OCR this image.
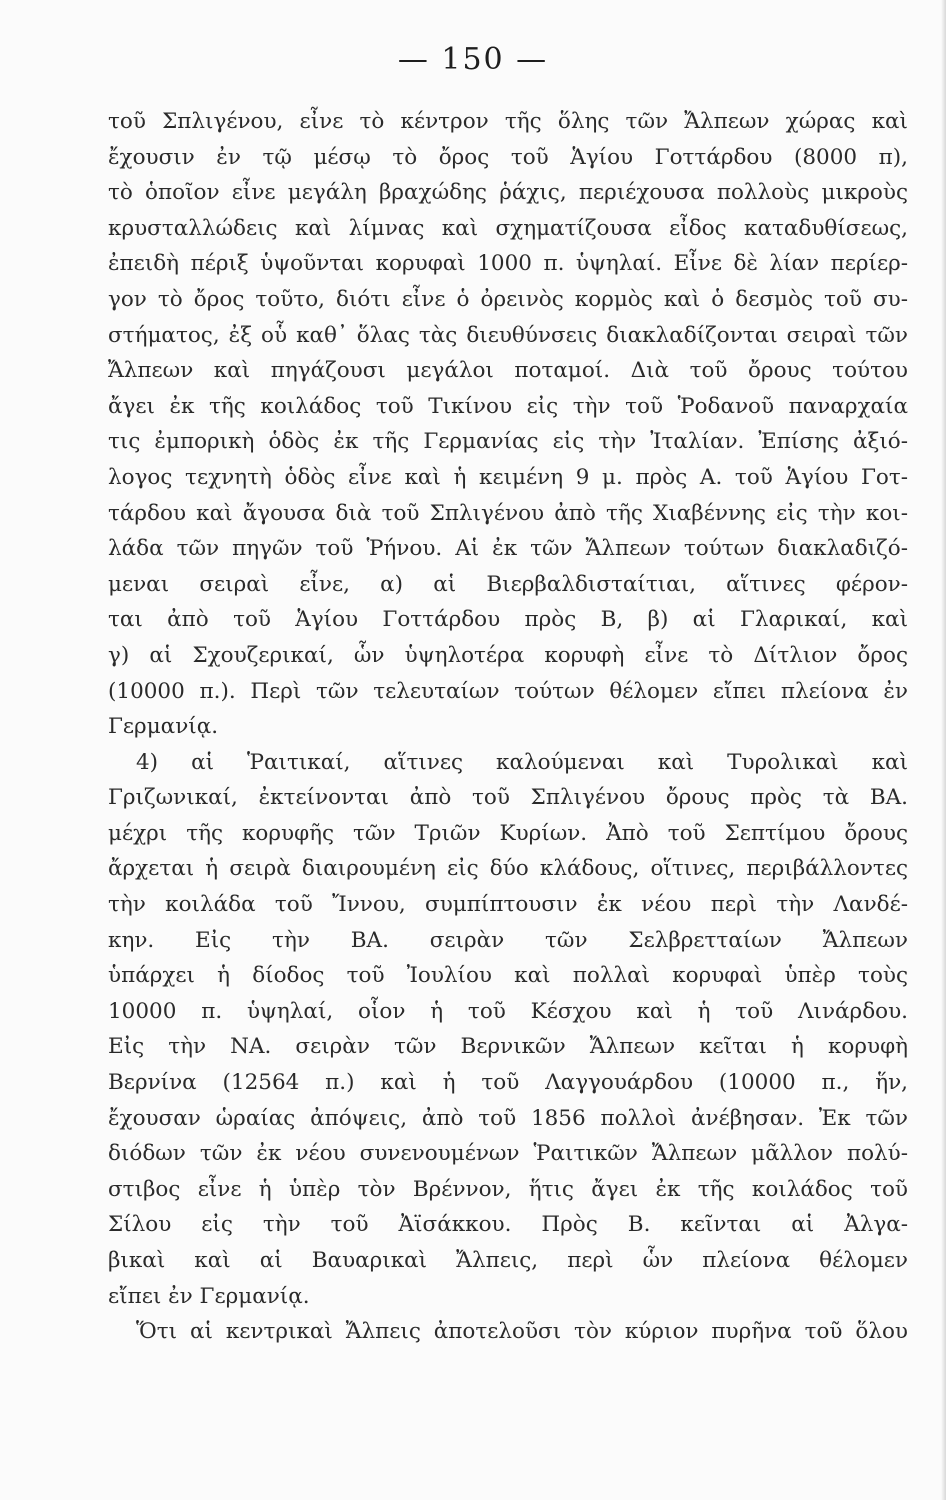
— 150 —
τοῦ Σπλιγένου, εἶνε τὸ κέντρον τῆς ὅλης τῶν Ἄλπεων χώρας καὶ
ἔχουσιν ἐν τῷ μέσῳ τὸ ὄρος τοῦ Ἁγίου Γοττάρδου (8000 π),
τὸ ὁποῖον εἶνε μεγάλη βραχώδης ῥάχις, περιέχουσα πολλοὺς μικροὺς
κρυσταλλώδεις καὶ λίμνας καὶ σχηματίζουσα εἶδος καταδυθίσεως,
ἐπειδὴ πέριξ ὑψοῦνται κορυφαὶ 1000 π. ὑψηλαί. Εἶνε δὲ λίαν περίερ-
γον τὸ ὄρος τοῦτο, διότι εἶνε ὁ ὀρεινὸς κορμὸς καὶ ὁ δεσμὸς τοῦ συ-
στήματος, ἐξ οὗ καθ᾽ ὅλας τὰς διευθύνσεις διακλαδίζονται σειραὶ τῶν
Ἄλπεων καὶ πηγάζουσι μεγάλοι ποταμοί. Διὰ τοῦ ὄρους τούτου
ἄγει ἐκ τῆς κοιλάδος τοῦ Τικίνου εἰς τὴν τοῦ Ῥοδανοῦ παναρχαία
τις ἐμπορικὴ ὁδὸς ἐκ τῆς Γερμανίας εἰς τὴν Ἰταλίαν. Ἐπίσης ἀξιό-
λογος τεχνητὴ ὁδὸς εἶνε καὶ ἡ κειμένη 9 μ. πρὸς Α. τοῦ Ἁγίου Γοτ-
τάρδου καὶ ἄγουσα διὰ τοῦ Σπλιγένου ἀπὸ τῆς Χιαβέννης εἰς τὴν κοι-
λάδα τῶν πηγῶν τοῦ Ῥήνου. Αἱ ἐκ τῶν Ἄλπεων τούτων διακλαδιζό-
μεναι σειραὶ εἶνε, α) αἱ Βιερβαλδισταίτιαι, αἵτινες φέρον-
ται ἀπὸ τοῦ Ἁγίου Γοττάρδου πρὸς Β, β) αἱ Γλαρικαί, καὶ
γ) αἱ Σχουζερικαί, ὧν ὑψηλοτέρα κορυφὴ εἶνε τὸ Δίτλιον ὄρος
(10000 π.). Περὶ τῶν τελευταίων τούτων θέλομεν εἴπει πλείονα ἐν
Γερμανίᾳ.
4) αἱ Ῥαιτικαί, αἵτινες καλούμεναι καὶ Τυρολικαὶ καὶ
Γριζωνικαί, ἐκτείνονται ἀπὸ τοῦ Σπλιγένου ὄρους πρὸς τὰ ΒΑ.
μέχρι τῆς κορυφῆς τῶν Τριῶν Κυρίων. Ἀπὸ τοῦ Σεπτίμου ὄρους
ἄρχεται ἡ σειρὰ διαιρουμένη εἰς δύο κλάδους, οἵτινες, περιβάλλοντες
τὴν κοιλάδα τοῦ Ἴννου, συμπίπτουσιν ἐκ νέου περὶ τὴν Λανδέ-
κην. Εἰς τὴν ΒΑ. σειρὰν τῶν Σελβρετταίων Ἄλπεων
ὑπάρχει ἡ δίοδος τοῦ Ἰουλίου καὶ πολλαὶ κορυφαὶ ὑπὲρ τοὺς
10000 π. ὑψηλαί, οἷον ἡ τοῦ Κέσχου καὶ ἡ τοῦ Λινάρδου.
Εἰς τὴν ΝΑ. σειρὰν τῶν Βερνικῶν Ἄλπεων κεῖται ἡ κορυφὴ
Βερνίνα (12564 π.) καὶ ἡ τοῦ Λαγγουάρδου (10000 π., ἥν,
ἔχουσαν ὡραίας ἀπόψεις, ἀπὸ τοῦ 1856 πολλοὶ ἀνέβησαν. Ἐκ τῶν
διόδων τῶν ἐκ νέου συνενουμένων Ῥαιτικῶν Ἄλπεων μᾶλλον πολύ-
στιβος εἶνε ἡ ὑπὲρ τὸν Βρέννον, ἥτις ἄγει ἐκ τῆς κοιλάδος τοῦ
Σίλου εἰς τὴν τοῦ Ἀϊσάκκου. Πρὸς Β. κεῖνται αἱ Ἀλγα-
βικαὶ καὶ αἱ Βαυαρικαὶ Ἄλπεις, περὶ ὧν πλείονα θέλομεν
εἴπει ἐν Γερμανίᾳ.
Ὅτι αἱ κεντρικαὶ Ἄλπεις ἀποτελοῦσι τὸν κύριον πυρῆνα τοῦ ὅλου
